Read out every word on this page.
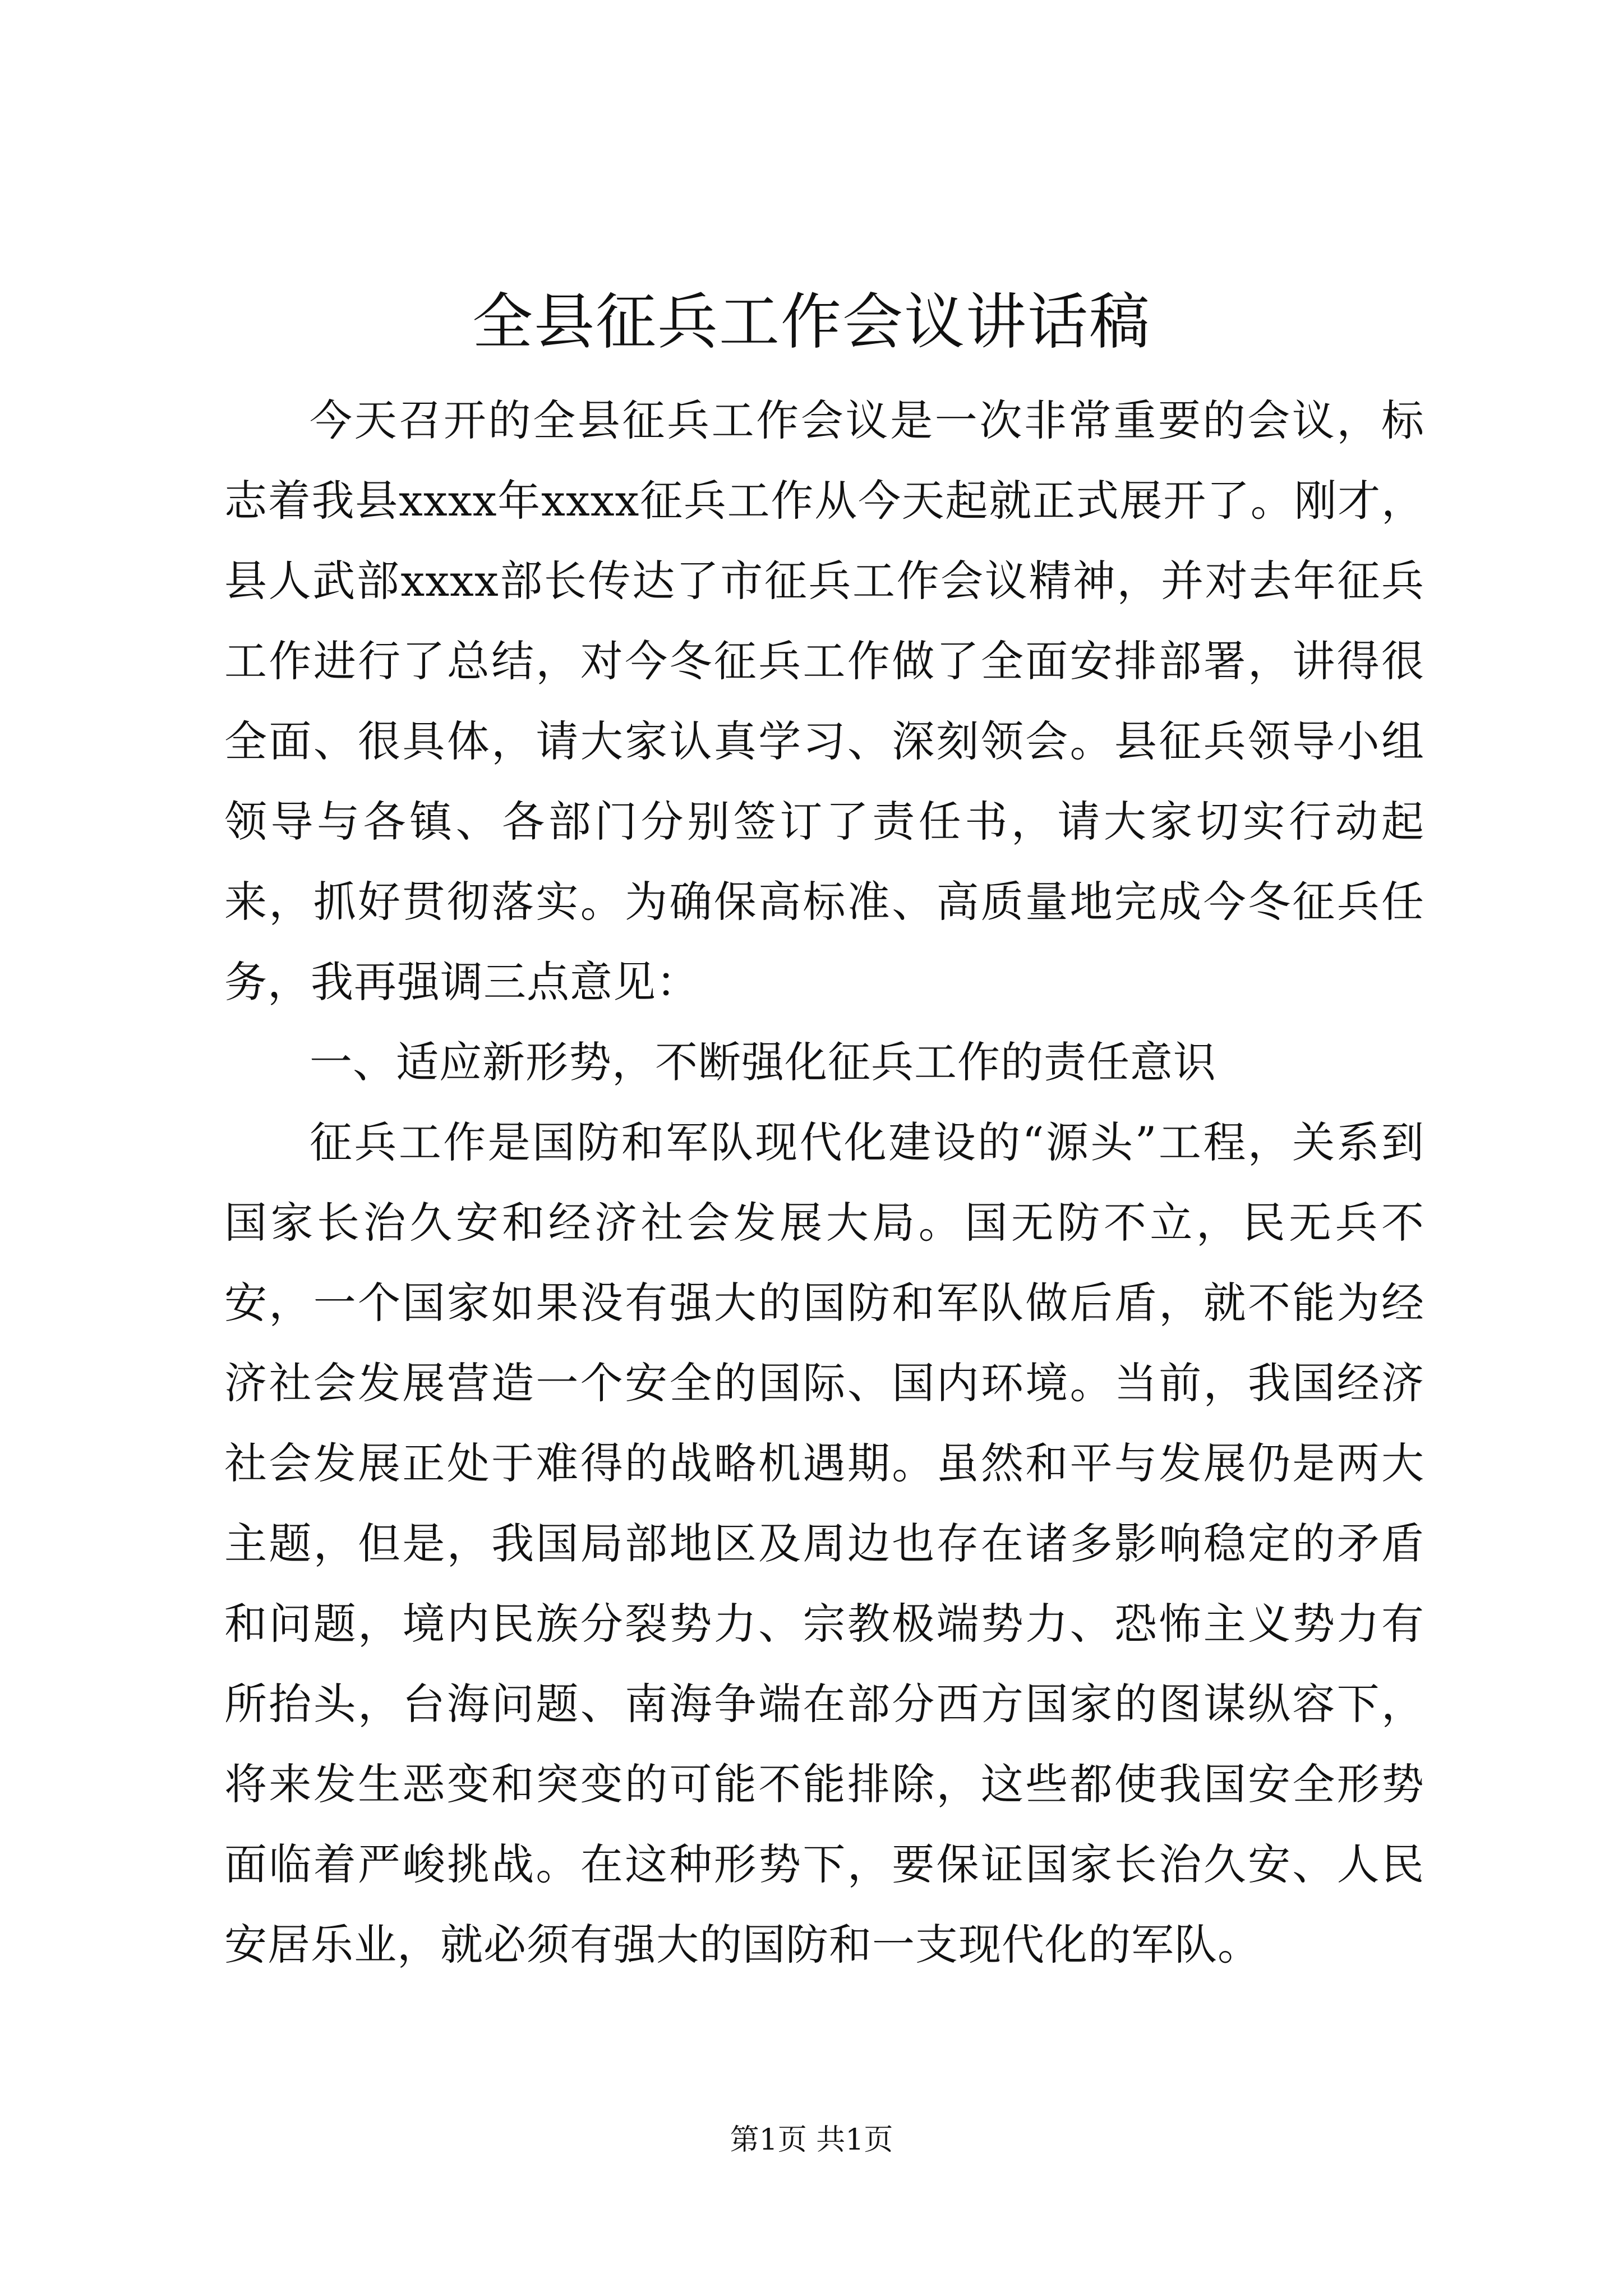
全县征兵工作会议讲话稿

今天召开的全县征兵工作会议是一次非常重要的会议，标志着我县xxxx年xxxx征兵工作从今天起就正式展开了。刚才，县人武部xxxx部长传达了市征兵工作会议精神，并对去年征兵工作进行了总结，对今冬征兵工作做了全面安排部署，讲得很全面、很具体，请大家认真学习、深刻领会。县征兵领导小组领导与各镇、各部门分别签订了责任书，请大家切实行动起来，抓好贯彻落实。为确保高标准、高质量地完成今冬征兵任务，我再强调三点意见：

一、适应新形势，不断强化征兵工作的责任意识

征兵工作是国防和军队现代化建设的“源头”工程，关系到国家长治久安和经济社会发展大局。国无防不立，民无兵不安，一个国家如果没有强大的国防和军队做后盾，就不能为经济社会发展营造一个安全的国际、国内环境。当前，我国经济社会发展正处于难得的战略机遇期。虽然和平与发展仍是两大主题，但是，我国局部地区及周边也存在诸多影响稳定的矛盾和问题，境内民族分裂势力、宗教极端势力、恐怖主义势力有所抬头，台海问题、南海争端在部分西方国家的图谋纵容下，将来发生恶变和突变的可能不能排除，这些都使我国安全形势面临着严峻挑战。在这种形势下，要保证国家长治久安、人民安居乐业，就必须有强大的国防和一支现代化的军队。

第1页 共1页
